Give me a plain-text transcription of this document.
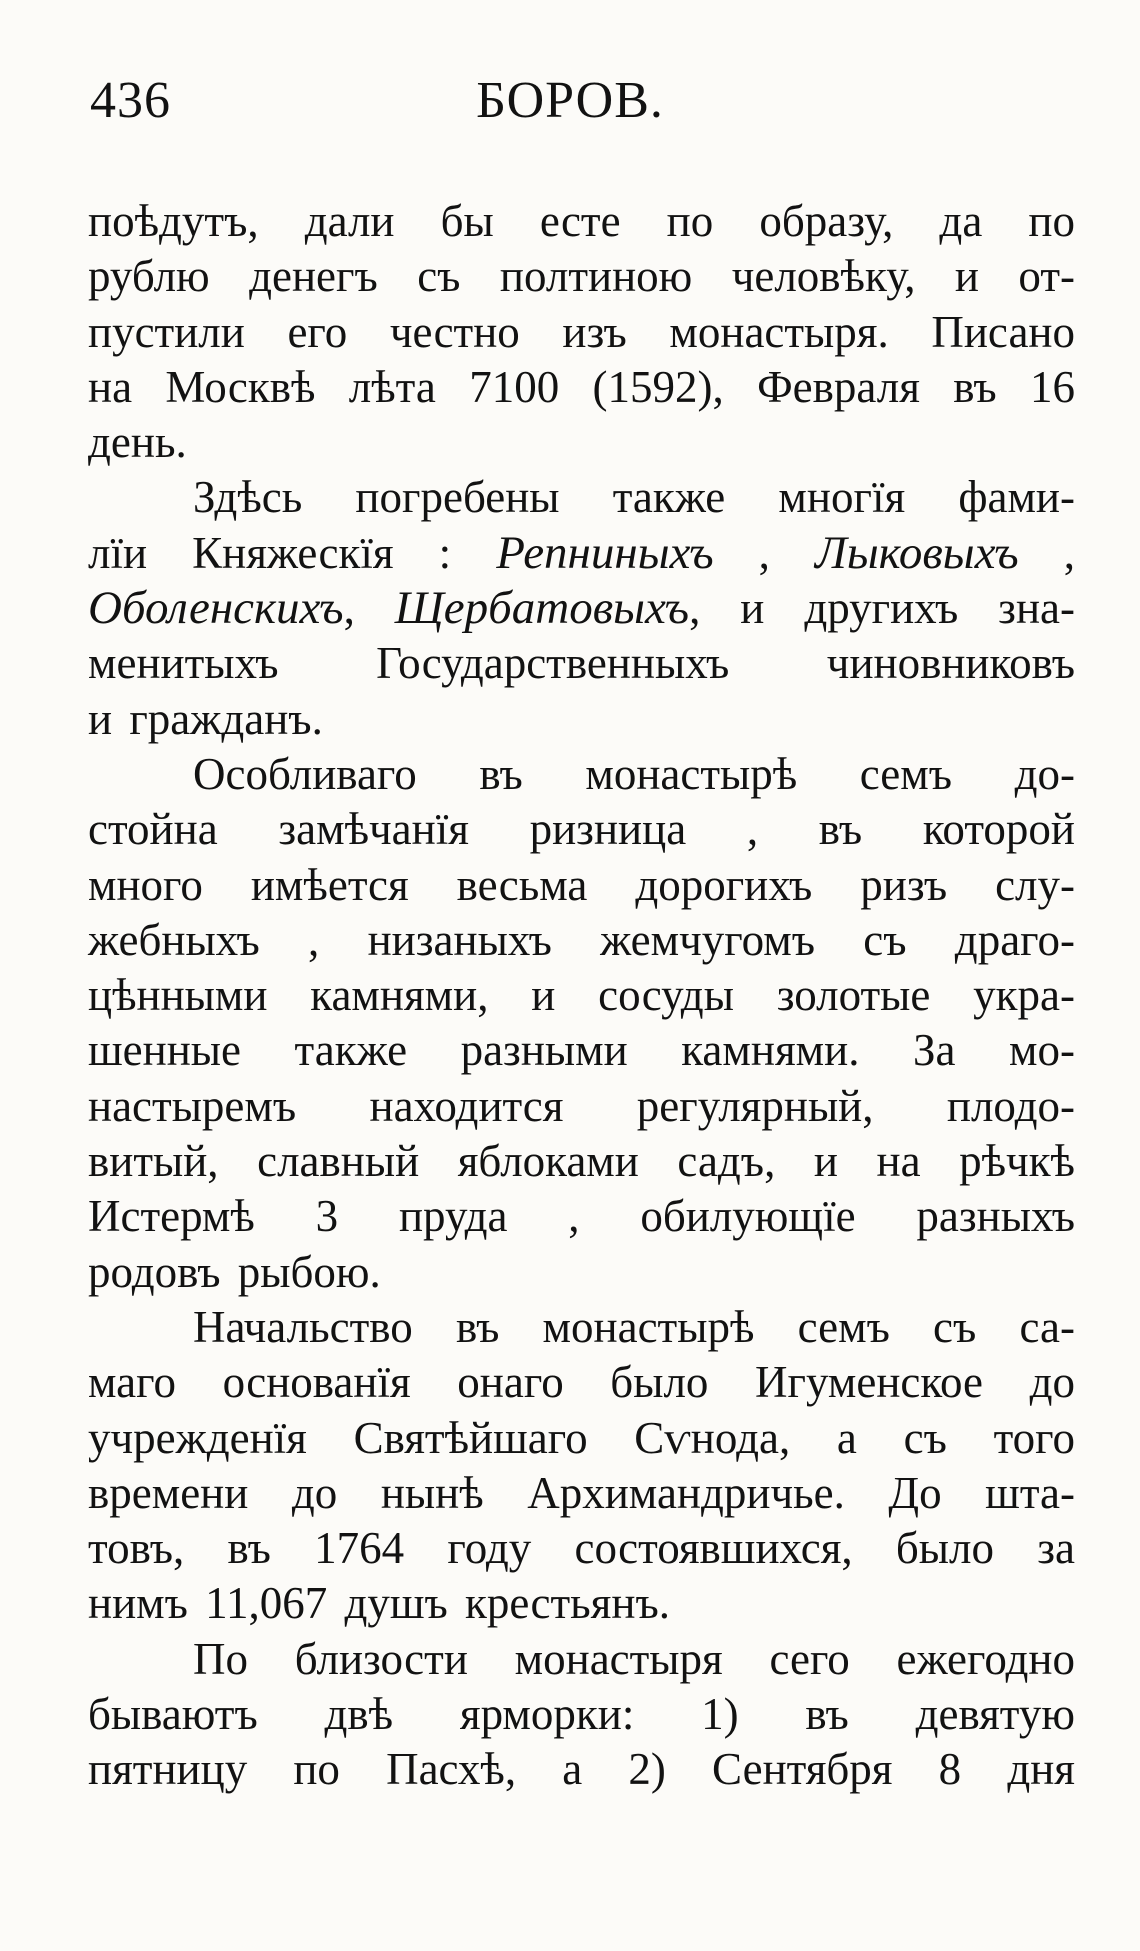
436	БОРОВ.
поѣдутъ, дали бы есте по образу, да по
рублю денегъ съ полтиною человѣку, и от-
пустили его честно изъ монастыря. Писано
на Москвѣ лѣта 7100 (1592), Февраля въ 16
день.
Здѣсь погребены также многїя фами-
лїи Княжескїя : Репниныхъ , Лыковыхъ ,
Оболенскихъ, Щербатовыхъ, и другихъ зна-
менитыхъ Государственныхъ чиновниковъ
и гражданъ.
Особливаго въ монастырѣ семъ до-
стойна замѣчанїя ризница , въ которой
много имѣется весьма дорогихъ ризъ слу-
жебныхъ , низаныхъ жемчугомъ съ драго-
цѣнными камнями, и сосуды золотые укра-
шенные также разными камнями. За мо-
настыремъ находится регулярный, плодо-
витый, славный яблоками садъ, и на рѣчкѣ
Истермѣ 3 пруда , обилующїе разныхъ
родовъ рыбою.
Начальство въ монастырѣ семъ съ са-
маго основанїя онаго было Игуменское до
учрежденїя Святѣйшаго Сѵнода, а съ того
времени до нынѣ Архимандричье. До шта-
товъ, въ 1764 году состоявшихся, было за
нимъ 11,067 душъ крестьянъ.
По близости монастыря сего ежегодно
бываютъ двѣ ярморки: 1) въ девятую
пятницу по Пасхѣ, а 2) Сентября 8 дня
